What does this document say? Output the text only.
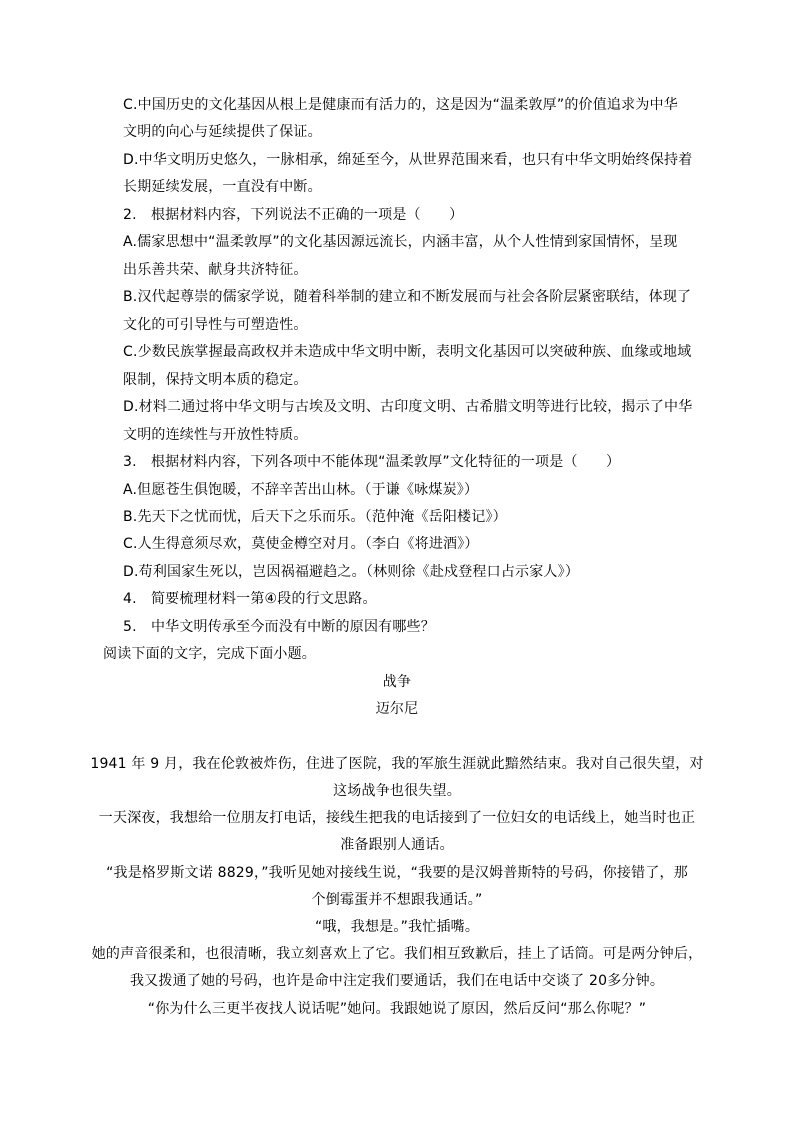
C.中国历史的文化基因从根上是健康而有活力的，这是因为“温柔敦厚”的价值追求为中华
文明的向心与延续提供了保证。
D.中华文明历史悠久，一脉相承，绵延至今，从世界范围来看，也只有中华文明始终保持着
长期延续发展，一直没有中断。
2.　根据材料内容，下列说法不正确的一项是（　　）
A.儒家思想中“温柔敦厚”的文化基因源远流长，内涵丰富，从个人性情到家国情怀，呈现
出乐善共荣、献身共济特征。
B.汉代起尊崇的儒家学说，随着科举制的建立和不断发展而与社会各阶层紧密联结，体现了
文化的可引导性与可塑造性。
C.少数民族掌握最高政权并未造成中华文明中断，表明文化基因可以突破种族、血缘或地域
限制，保持文明本质的稳定。
D.材料二通过将中华文明与古埃及文明、古印度文明、古希腊文明等进行比较，揭示了中华
文明的连续性与开放性特质。
3.　根据材料内容，下列各项中不能体现“温柔敦厚”文化特征的一项是（　　）
A.但愿苍生俱饱暖，不辞辛苦出山林。（于谦《咏煤炭》）
B.先天下之忧而忧，后天下之乐而乐。（范仲淹《岳阳楼记》）
C.人生得意须尽欢，莫使金樽空对月。（李白《将进酒》）
D.苟利国家生死以，岂因祸福避趋之。（林则徐《赴戍登程口占示家人》）
4.　简要梳理材料一第④段的行文思路。
5.　中华文明传承至今而没有中断的原因有哪些？
阅读下面的文字，完成下面小题。
战争
迈尔尼
1941 年 9 月，我在伦敦被炸伤，住进了医院，我的军旅生涯就此黯然结束。我对自己很失望，对
这场战争也很失望。
一天深夜，我想给一位朋友打电话，接线生把我的电话接到了一位妇女的电话线上，她当时也正
准备跟别人通话。
“我是格罗斯文诺 8829，”我听见她对接线生说，“我要的是汉姆普斯特的号码，你接错了，那
个倒霉蛋并不想跟我通话。”
“哦，我想是。”我忙插嘴。
她的声音很柔和，也很清晰，我立刻喜欢上了它。我们相互致歉后，挂上了话筒。可是两分钟后，
我又拨通了她的号码，也许是命中注定我们要通话，我们在电话中交谈了 20多分钟。
“你为什么三更半夜找人说话呢”她问。我跟她说了原因，然后反问“那么你呢？”
